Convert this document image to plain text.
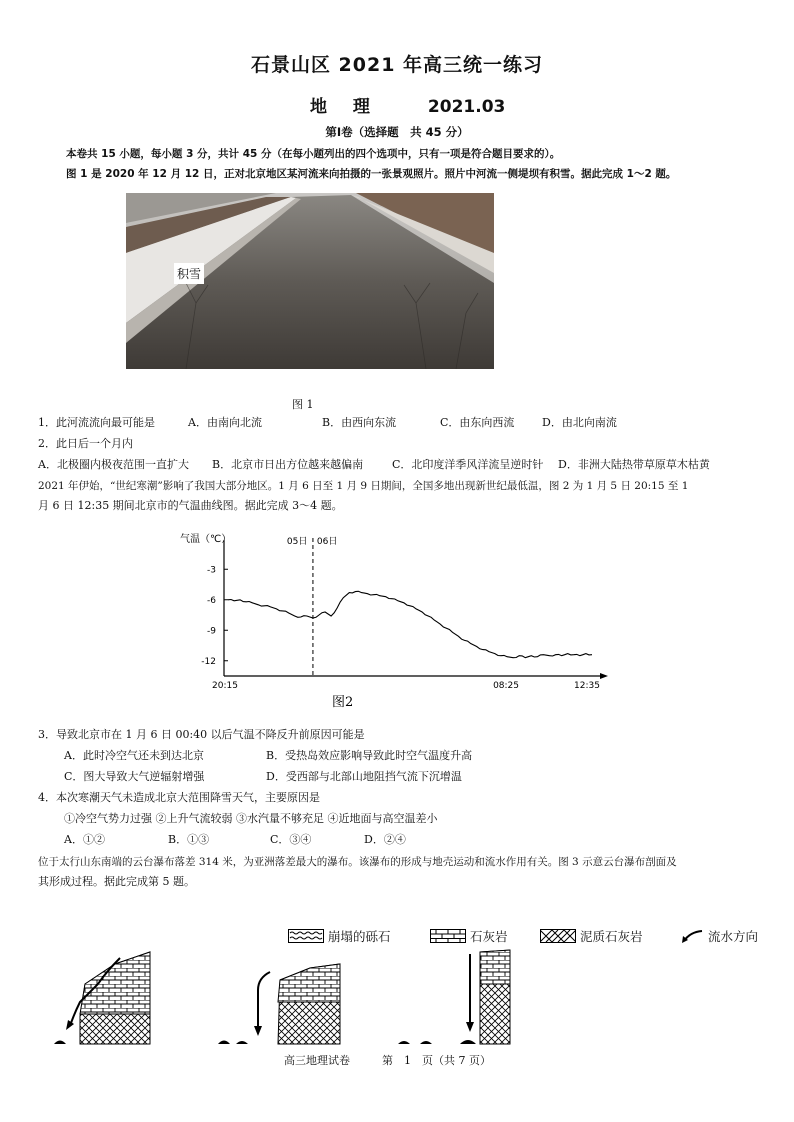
石景山区 2021 年高三统一练习
地 理	2021.03
第Ⅰ卷（选择题　共 45 分）
本卷共 15 小题，每小题 3 分，共计 45 分（在每小题列出的四个选项中，只有一项是符合题目要求的）。
图 1 是 2020 年 12 月 12 日，正对北京地区某河流来向拍摄的一张景观照片。照片中河流一侧堤坝有积雪。据此完成 1～2 题。
积雪
图 1
1．此河流流向最可能是	A．由南向北流	B．由西向东流	C．由东向西流	D．由北向南流
2．此日后一个月内
A．北极圈内极夜范围一直扩大 B．北京市日出方位越来越偏南	C．北印度洋季风洋流呈逆时针 D．非洲大陆热带草原草木枯黄
2021 年伊始，“世纪寒潮”影响了我国大部分地区。1 月 6 日至 1 月 9 日期间，全国多地出现新世纪最低温，图 2 为 1 月 5 日 20:15 至 1
月 6 日 12:35 期间北京市的气温曲线图。据此完成 3～4 题。
气温（℃）
-3
-6
-9
-12
05日 06日
20:15	08:25	12:35
图2
3．导致北京市在 1 月 6 日 00:40 以后气温不降反升前原因可能是
A．此时冷空气还未到达北京	B．受热岛效应影响导致此时空气温度升高
C．图大导致大气逆辐射增强	D．受西部与北部山地阻挡气流下沉增温
4．本次寒潮天气未造成北京大范围降雪天气，主要原因是
①冷空气势力过强 ②上升气流较弱 ③水汽量不够充足 ④近地面与高空温差小
A．①②	B．①③	C．③④	D．②④
位于太行山东南端的云台瀑布落差 314 米，为亚洲落差最大的瀑布。该瀑布的形成与地壳运动和流水作用有关。图 3 示意云台瀑布剖面及
其形成过程。据此完成第 5 题。
崩塌的砾石	石灰岩	泥质石灰岩	流水方向
高三地理试卷	第　1　页（共 7 页）
